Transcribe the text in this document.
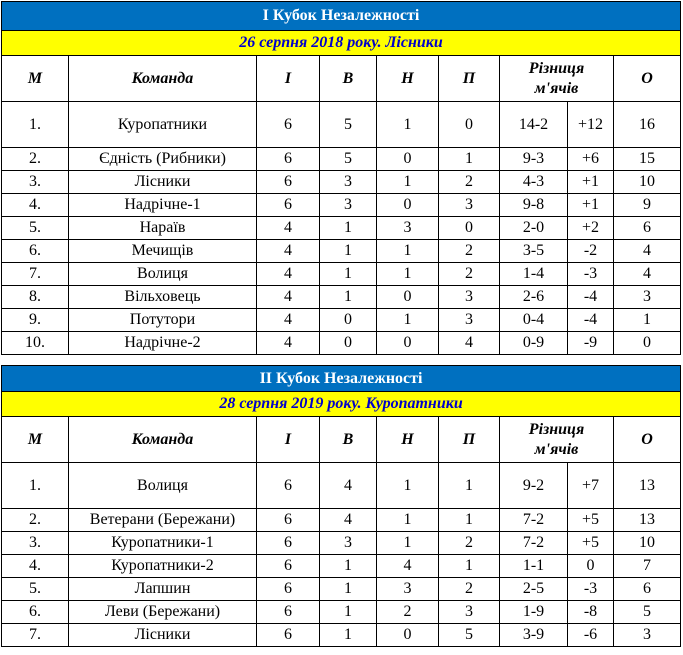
І Кубок Незалежності								
26 серпня 2018 року. Лісники								
М	Команда	І	В	Н	П	Різниця
м'ячів		О
1.	Куропатники	6	5	1	0	14-2	+12	16
2.	Єдність (Рибники)	6	5	0	1	9-3	+6	15
3.	Лісники	6	3	1	2	4-3	+1	10
4.	Надрічне-1	6	3	0	3	9-8	+1	9
5.	Нараїв	4	1	3	0	2-0	+2	6
6.	Мечищів	4	1	1	2	3-5	-2	4
7.	Волиця	4	1	1	2	1-4	-3	4
8.	Вільховець	4	1	0	3	2-6	-4	3
9.	Потутори	4	0	1	3	0-4	-4	1
10.	Надрічне-2	4	0	0	4	0-9	-9	0
ІІ Кубок Незалежності								
28 серпня 2019 року. Куропатники								
М	Команда	І	В	Н	П	Різниця
м'ячів		О
1.	Волиця	6	4	1	1	9-2	+7	13
2.	Ветерани (Бережани)	6	4	1	1	7-2	+5	13
3.	Куропатники-1	6	3	1	2	7-2	+5	10
4.	Куропатники-2	6	1	4	1	1-1	0	7
5.	Лапшин	6	1	3	2	2-5	-3	6
6.	Леви (Бережани)	6	1	2	3	1-9	-8	5
7.	Лісники	6	1	0	5	3-9	-6	3
